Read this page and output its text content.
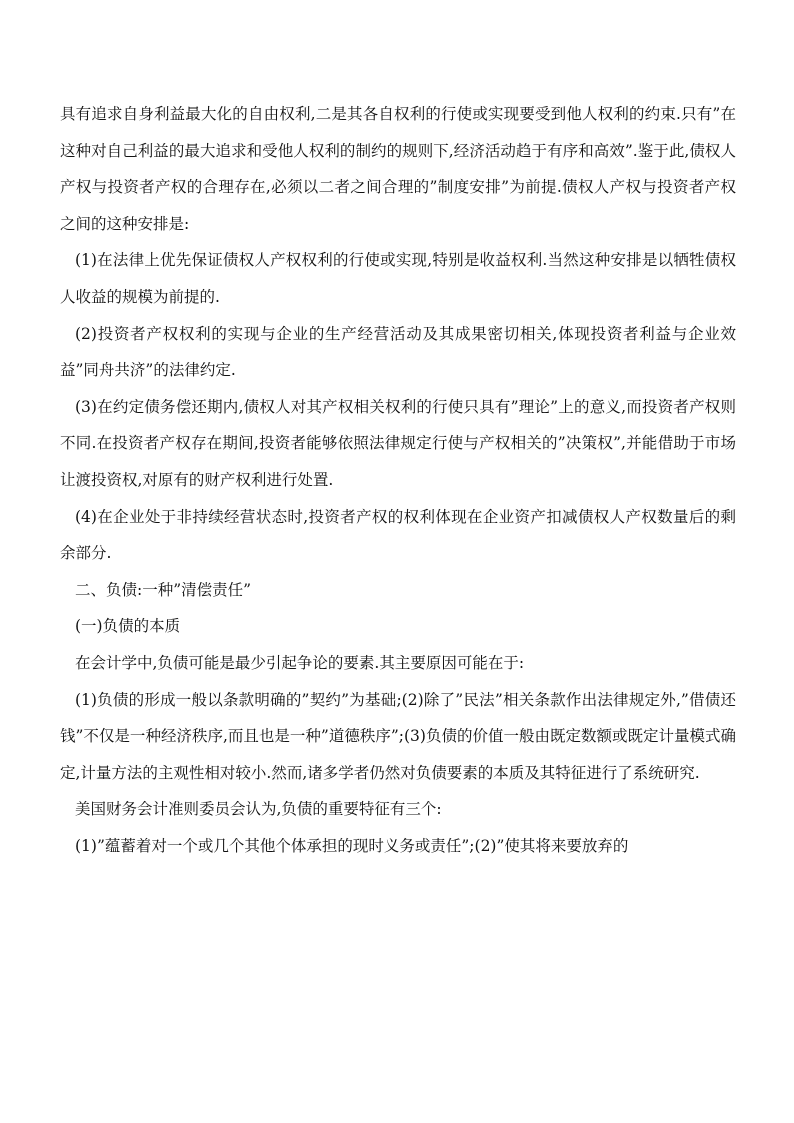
具有追求自身利益最大化的自由权利,二是其各自权利的行使或实现要受到他人权利的约束.只有”在这种对自己利益的最大追求和受他人权利的制约的规则下,经济活动趋于有序和高效”.鉴于此,债权人产权与投资者产权的合理存在,必须以二者之间合理的”制度安排”为前提.债权人产权与投资者产权之间的这种安排是:

(1)在法律上优先保证债权人产权权利的行使或实现,特别是收益权利.当然这种安排是以牺牲债权人收益的规模为前提的.

(2)投资者产权权利的实现与企业的生产经营活动及其成果密切相关,体现投资者利益与企业效益”同舟共济”的法律约定.

(3)在约定债务偿还期内,债权人对其产权相关权利的行使只具有”理论”上的意义,而投资者产权则不同.在投资者产权存在期间,投资者能够依照法律规定行使与产权相关的”决策权”,并能借助于市场让渡投资权,对原有的财产权利进行处置.

(4)在企业处于非持续经营状态时,投资者产权的权利体现在企业资产扣减债权人产权数量后的剩余部分.

二、负债:一种”清偿责任”

(一)负债的本质

在会计学中,负债可能是最少引起争论的要素.其主要原因可能在于:

(1)负债的形成一般以条款明确的”契约”为基础;(2)除了”民法”相关条款作出法律规定外,”借债还钱”不仅是一种经济秩序,而且也是一种”道德秩序”;(3)负债的价值一般由既定数额或既定计量模式确定,计量方法的主观性相对较小.然而,诸多学者仍然对负债要素的本质及其特征进行了系统研究.

美国财务会计准则委员会认为,负债的重要特征有三个:

(1)”蕴蓄着对一个或几个其他个体承担的现时义务或责任”;(2)”使其将来要放弃的
